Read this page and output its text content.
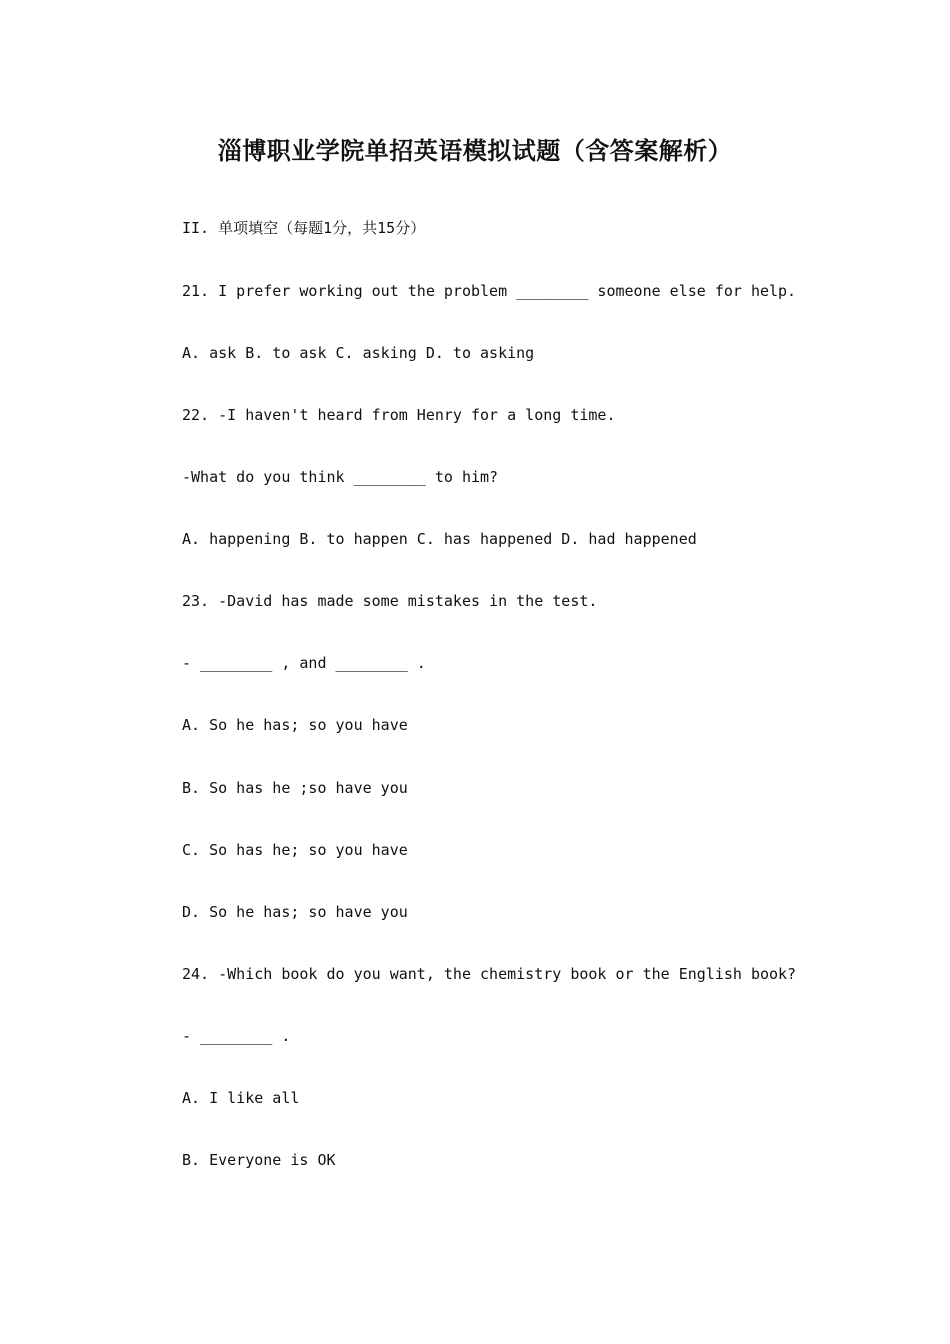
淄博职业学院单招英语模拟试题（含答案解析）
II. 单项填空（每题1分，共15分）
21. I prefer working out the problem ________ someone else for help.
A. ask B. to ask C. asking D. to asking
22. -I haven't heard from Henry for a long time.
-What do you think ________ to him?
A. happening B. to happen C. has happened D. had happened
23. -David has made some mistakes in the test.
- ________ , and ________ .
A. So he has; so you have
B. So has he ;so have you
C. So has he; so you have
D. So he has; so have you
24. -Which book do you want, the chemistry book or the English book?
- ________ .
A. I like all
B. Everyone is OK
